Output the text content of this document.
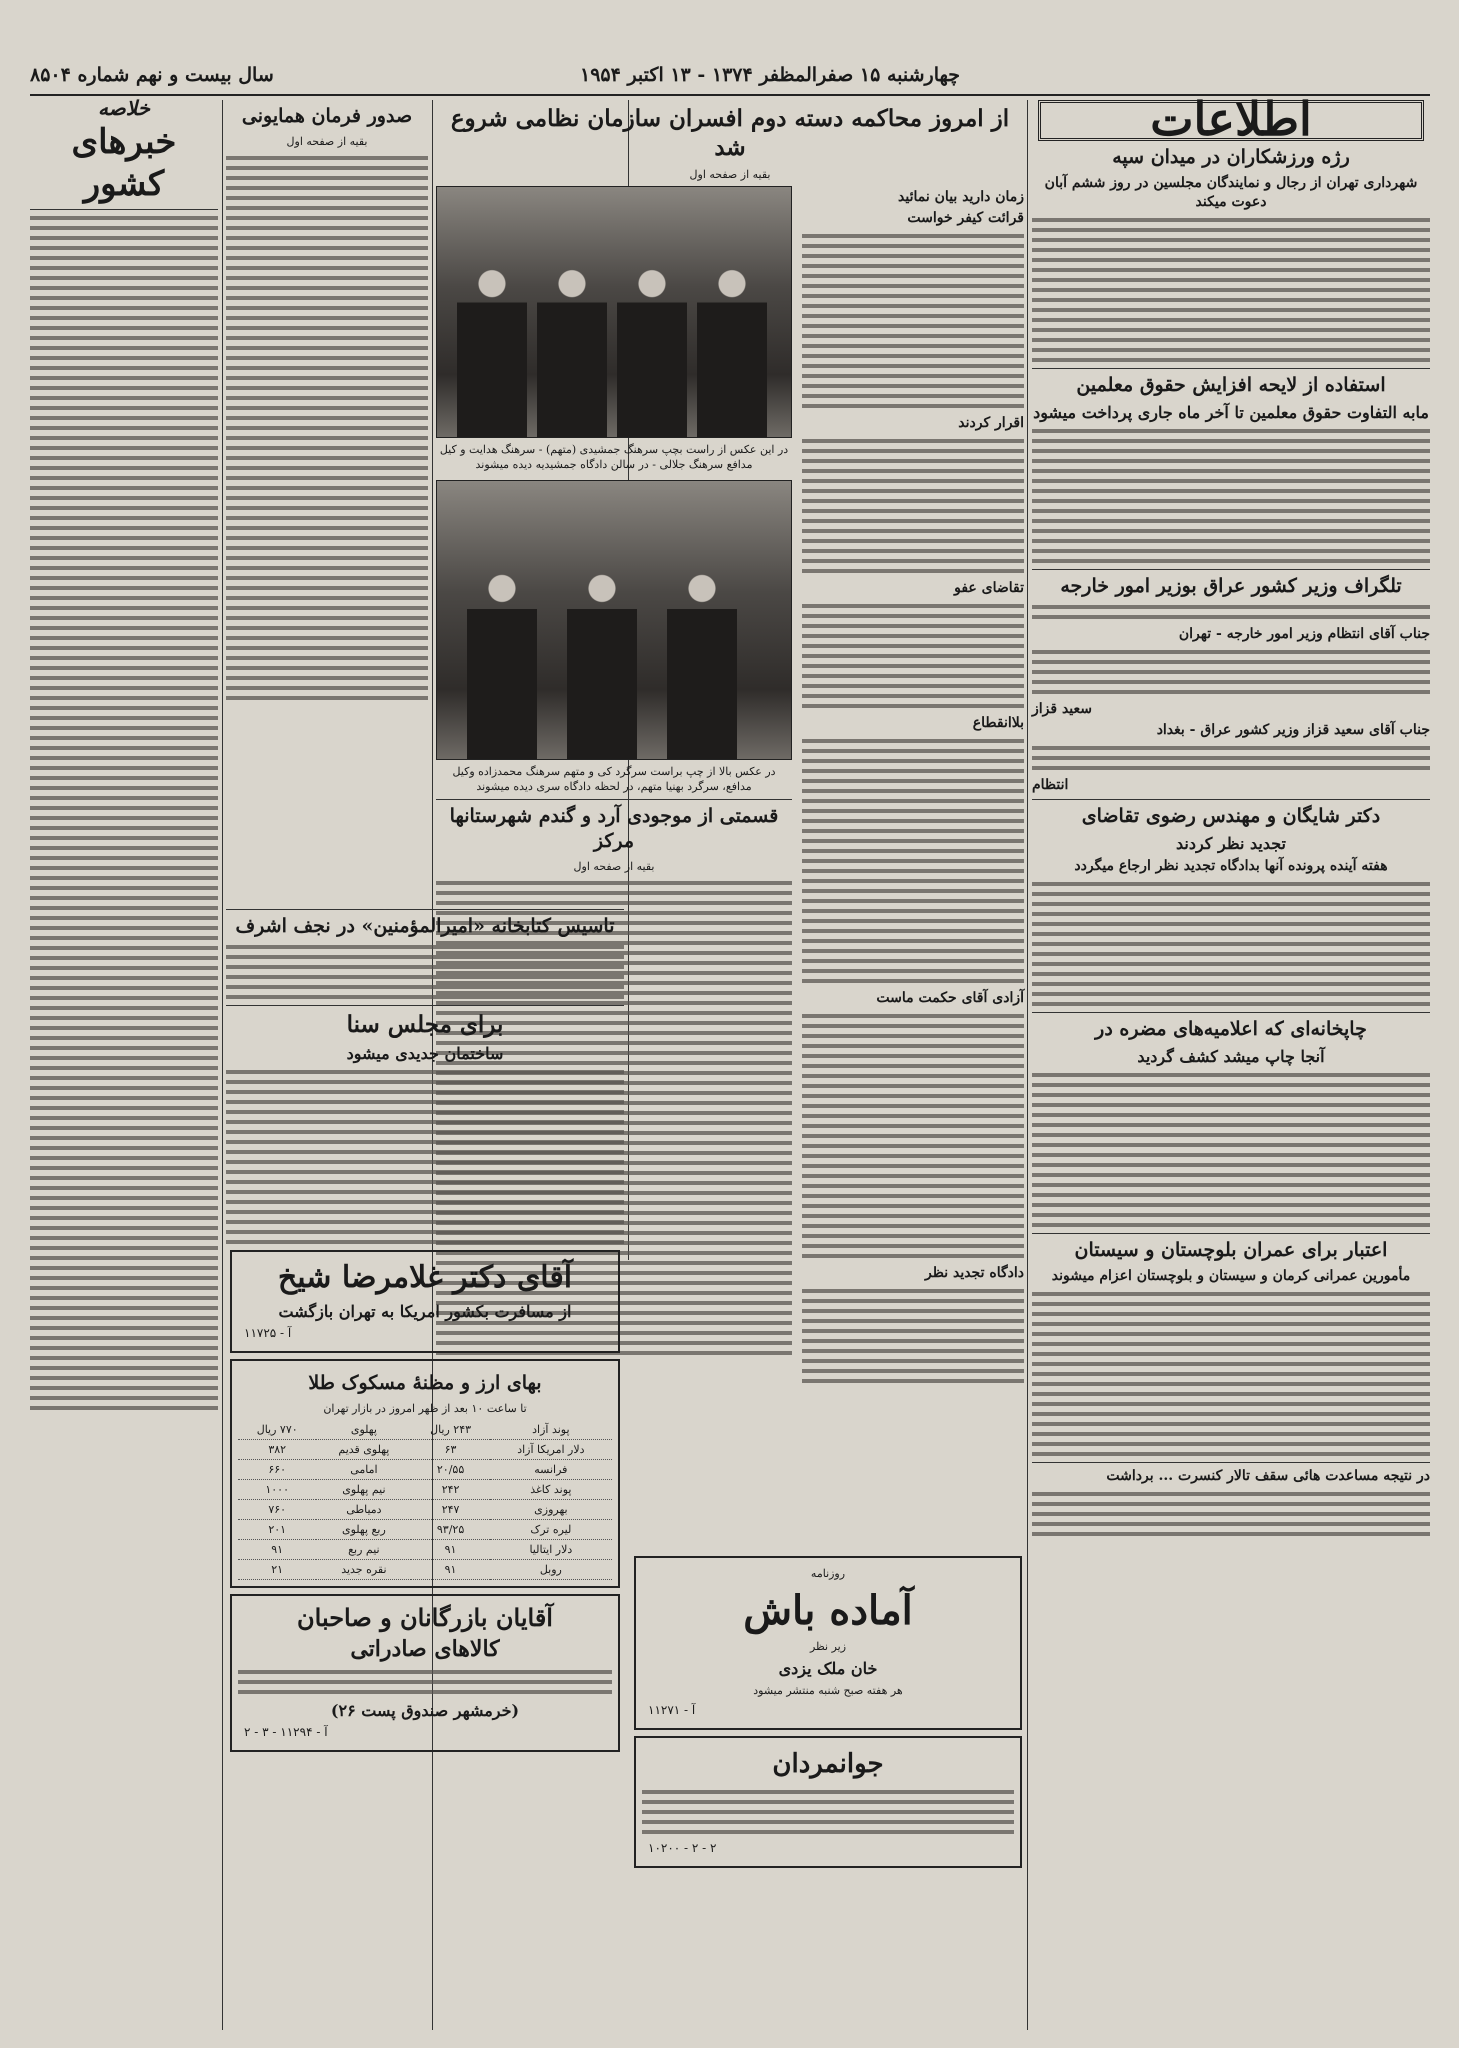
چهارشنبه ۱۵ صفرالمظفر ۱۳۷۴ - ۱۳ اکتبر ۱۹۵۴
سال بیست و نهم شماره ۸۵۰۴
اطلاعات
رژه ورزشکاران در میدان سپه
شهرداری تهران از رجال و نمایندگان مجلسین در روز ششم آبان دعوت میکند
استفاده از لایحه افزایش حقوق معلمین
مابه التفاوت حقوق معلمین تا آخر ماه جاری پرداخت میشود
تلگراف وزیر کشور عراق بوزیر امور خارجه
جناب آقای انتظام وزیر امور خارجه - تهران
سعید قزاز
جناب آقای سعید قزاز وزیر کشور عراق - بغداد
انتظام
دکتر شایگان و مهندس رضوی تقاضای
تجدید نظر کردند
هفته آینده پرونده آنها بدادگاه تجدید نظر ارجاع میگردد
چاپخانه‌ای که اعلامیه‌های مضره در
آنجا چاپ میشد کشف گردید
اعتبار برای عمران بلوچستان و سیستان
مأمورین عمرانی کرمان و سیستان و بلوچستان اعزام میشوند
در نتیجه مساعدت هائی سقف تالار کنسرت ... برداشت
از امروز محاکمه دسته دوم افسران سازمان نظامی شروع شد
بقیه از صفحه اول
در این عکس از راست بچپ سرهنگ جمشیدی (متهم) - سرهنگ هدایت و کیل مدافع سرهنگ جلالی - در سالن دادگاه جمشیدیه دیده میشوند
در عکس بالا از چپ براست سرگرد کی و متهم سرهنگ محمدزاده وکیل مدافع، سرگرد بهنیا متهم، در لحظه دادگاه سری دیده میشوند
زمان دارید بیان نمائید
قرائت کیفر خواست
اقرار کردند
تقاضای عفو
بلاانقطاع
آزادی آقای حکمت ماست
دادگاه تجدید نظر
قسمتی از موجودی آرد و گندم شهرستانها مرکز
بقیه از صفحه اول
روزنامه
آماده باش
زیر نظر
خان ملک یزدی
هر هفته صبح شنبه منتشر میشود
آ - ۱۱۲۷۱
جوانمردان
۱۰۲۰۰ - ۲ - ۲
صدور فرمان همایونی
بقیه از صفحه اول
تاسیس کتابخانه «امیرالمؤمنین» در نجف اشرف
برای مجلس سنا
ساختمان جدیدی میشود
آقای دکتر غلامرضا شیخ
از مسافرت بکشور امریکا به تهران بازگشت
آ - ۱۱۷۲۵
بهای ارز و مظنهٔ مسکوک طلا
تا ساعت ۱۰ بعد از ظهر امروز در بازار تهران
پوند آزاد	۲۴۳ ریال	پهلوی	۷۷۰ ریال
دلار امریکا آزاد	۶۳	پهلوی قدیم	۳۸۲
فرانسه	۲۰/۵۵	امامی	۶۶۰
پوند کاغذ	۲۴۲	نیم پهلوی	۱۰۰۰
بهروزی	۲۴۷	دمیاطی	۷۶۰
لیره ترک	۹۳/۲۵	ربع پهلوی	۲۰۱
دلار ایتالیا	۹۱	نیم ربع	۹۱
روبل	۹۱	نقره جدید	۲۱
آقایان بازرگانان و صاحبان
کالاهای صادراتی
(خرمشهر صندوق پست ۲۶)
آ - ۱۱۲۹۴ - ۳ - ۲
خلاصه
خبرهای کشور
